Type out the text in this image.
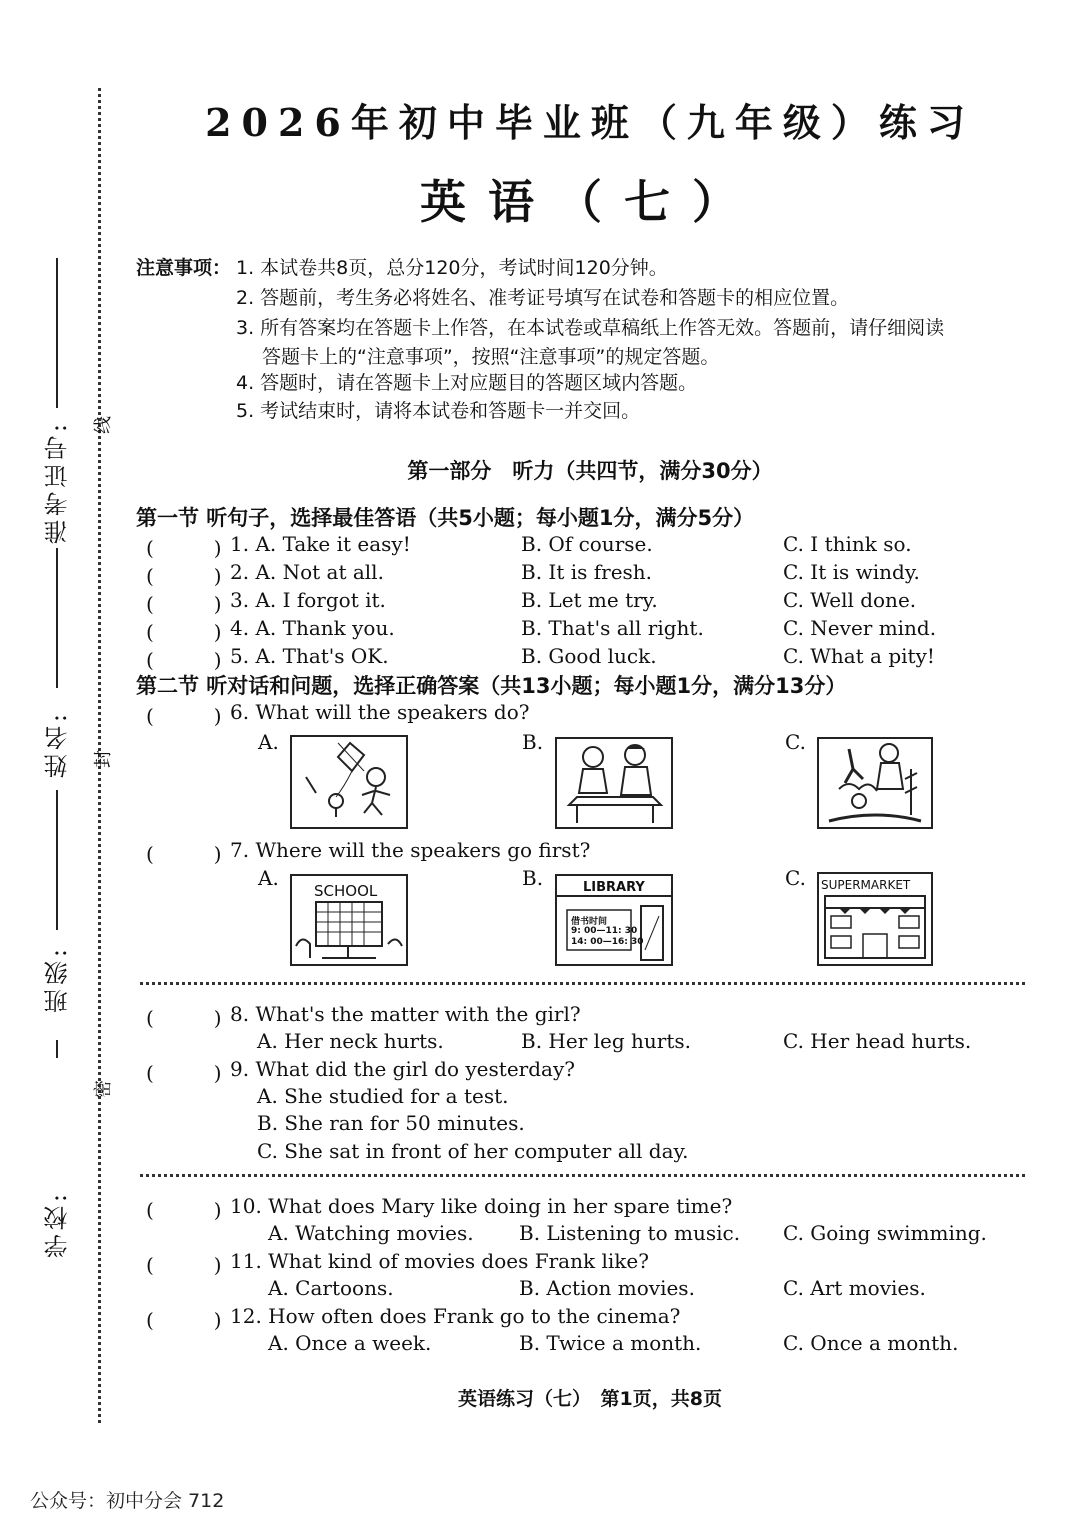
准考证号:
姓名:
班级:
学校:
线
封
密
2026年初中毕业班（九年级）练习
英语（七）
注意事项： 1. 本试卷共8页，总分120分，考试时间120分钟。
2. 答题前，考生务必将姓名、准考证号填写在试卷和答题卡的相应位置。
3. 所有答案均在答题卡上作答，在本试卷或草稿纸上作答无效。答题前，请仔细阅读
答题卡上的“注意事项”，按照“注意事项”的规定答题。
4. 答题时，请在答题卡上对应题目的答题区域内答题。
5. 考试结束时，请将本试卷和答题卡一并交回。
第一部分　听力（共四节，满分30分）
第一节 听句子，选择最佳答语（共5小题；每小题1分，满分5分）
(　　　) 1. A. Take it easy!	B. Of course.	C. I think so.
(　　　) 2. A. Not at all.	B. It is fresh.	C. It is windy.
(　　　) 3. A. I forgot it.	B. Let me try.	C. Well done.
(　　　) 4. A. Thank you.	B. That's all right.	C. Never mind.
(　　　) 5. A. That's OK.	B. Good luck.	C. What a pity!
第二节 听对话和问题，选择正确答案（共13小题；每小题1分，满分13分）
(　　　) 6. What will the speakers do?
A.	B.	C.
(　　　) 7. Where will the speakers go first?
A.	B.	C.
SCHOOL	LIBRARY
借书时间
9: 00—11: 30
14: 00—16: 30
SUPERMARKET
(　　　) 8. What's the matter with the girl?
A. Her neck hurts.	B. Her leg hurts.	C. Her head hurts.
(　　　) 9. What did the girl do yesterday?
A. She studied for a test.
B. She ran for 50 minutes.
C. She sat in front of her computer all day.
(　　　) 10. What does Mary like doing in her spare time?
A. Watching movies. B. Listening to music. C. Going swimming.
(　　　) 11. What kind of movies does Frank like?
A. Cartoons.	B. Action movies.	C. Art movies.
(　　　) 12. How often does Frank go to the cinema?
A. Once a week.	B. Twice a month.	C. Once a month.
英语练习（七）　第1页，共8页
公众号：初中分会 712
